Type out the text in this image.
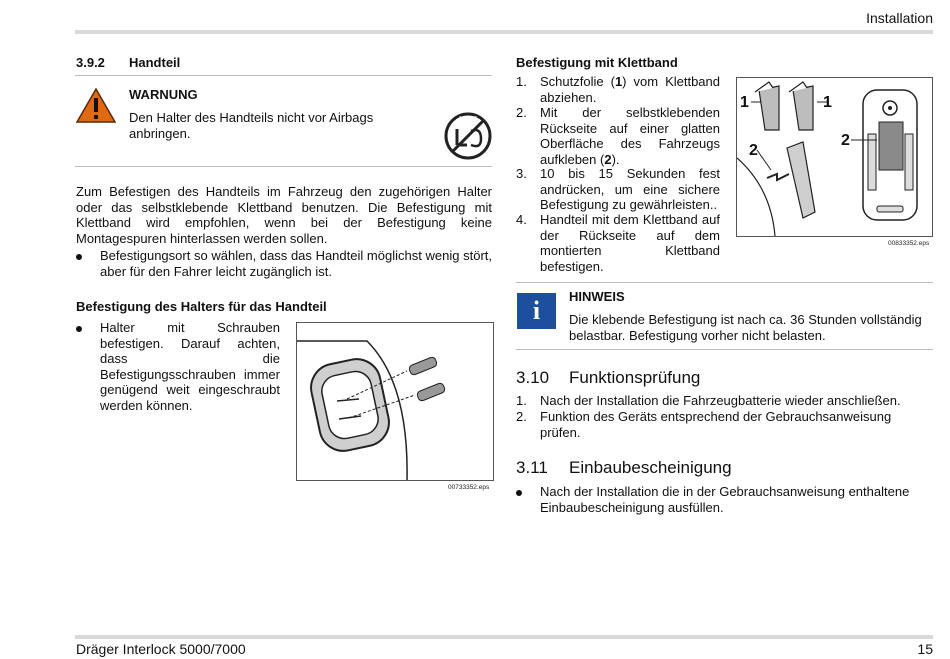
Installation
3.9.2 Handteil
WARNUNG
Den Halter des Handteils nicht vor Airbags anbringen.
AIRBAG
Zum Befestigen des Handteils im Fahrzeug den zugehörigen Halter oder das selbstklebende Klettband benutzen. Die Befestigung mit Klettband wird empfohlen, wenn bei der Befestigung keine Montagespuren hinterlassen werden sollen.
Befestigungsort so wählen, dass das Handteil möglichst wenig stört, aber für den Fahrer leicht zugänglich ist.
Befestigung des Halters für das Handteil
Halter mit Schrauben befestigen. Darauf achten, dass die Befestigungsschrauben immer genügend weit eingeschraubt werden können.
00733352.eps
Befestigung mit Klettband
1. Schutzfolie (1) vom Klettband abziehen.
2. Mit der selbstklebenden Rückseite auf einer glatten Oberfläche des Fahrzeugs aufkleben (2).
3. 10 bis 15 Sekunden fest andrücken, um eine sichere Befestigung zu gewährleisten..
4. Handteil mit dem Klettband auf der Rückseite auf dem montierten Klettband befestigen.
1	1
2
2
00833352.eps
i HINWEIS
Die klebende Befestigung ist nach ca. 36 Stunden vollständig belastbar. Befestigung vorher nicht belasten.
3.10 Funktionsprüfung
1. Nach der Installation die Fahrzeugbatterie wieder anschließen.
2. Funktion des Geräts entsprechend der Gebrauchsanweisung prüfen.
3.11 Einbaubescheinigung
Nach der Installation die in der Gebrauchsanweisung enthaltene Einbaubescheinigung ausfüllen.
Dräger Interlock 5000/7000	15
